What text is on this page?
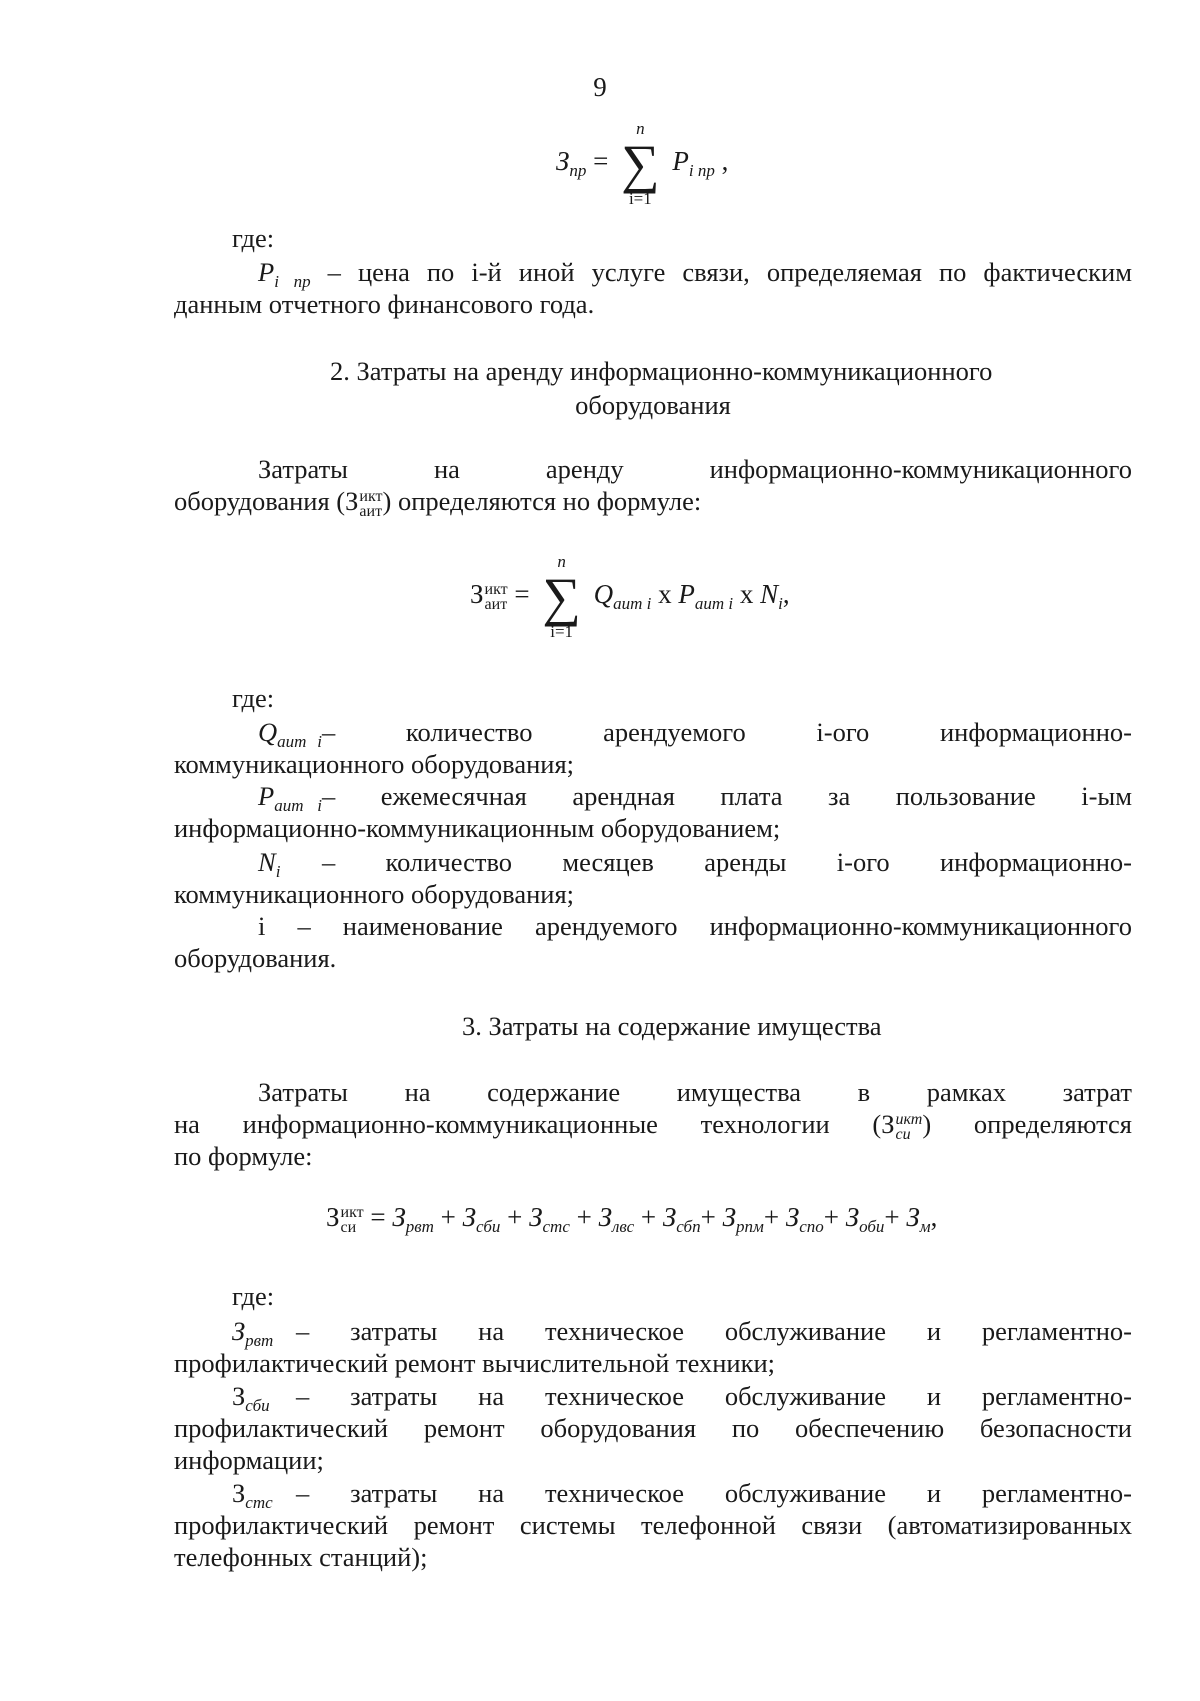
9
$З_{пр}$ =
n
∑
i=1
$P_{i пр}$ ,
где:
$P_{i пр}$ – цена по i-й иной услуге связи, определяемая по фактическим
данным отчетного финансового года.
2. Затраты на аренду информационно-коммуникационного
оборудования
Затраты на аренду информационно-коммуникационного
оборудования (З икт
аит ) определяются но формуле:
З икт
аит =
n
∑
i=1
$Q_{аит i}$ x $P_{аит i}$ x $N_i$,
где:
$Q_{аит i}-$   количество   арендуемого   i-ого   информационно-
коммуникационного оборудования;
$P_{аит i}-$   ежемесячная   арендная   плата   за   пользование   i-ым
информационно-коммуникационным оборудованием;
$N_i$ –   количество   месяцев   аренды   i-ого   информационно-
коммуникационного оборудования;
i – наименование арендуемого информационно-коммуникационного
оборудования.
3. Затраты на содержание имущества
Затраты на содержание имущества в рамках затрат
на информационно-коммуникационные технологии (З икт
си ) определяются
по формуле:
З икт
си = $З_{рвт} + З_{сби} + З_{стс} + З_{лвс} + З_{сбп}+ З_{рпм}+ З_{спо}+ З_{оби}+ З_м$,
где:
$З_{рвт}$ –   затраты   на   техническое   обслуживание   и   регламентно-
профилактический ремонт вычислительной техники;
$З_{сби}$ –   затраты   на   техническое   обслуживание   и   регламентно-
профилактический ремонт оборудования по обеспечению безопасности
информации;
$З_{стс}$ –   затраты   на   техническое   обслуживание   и   регламентно-
профилактический ремонт системы телефонной связи (автоматизированных
телефонных станций);
